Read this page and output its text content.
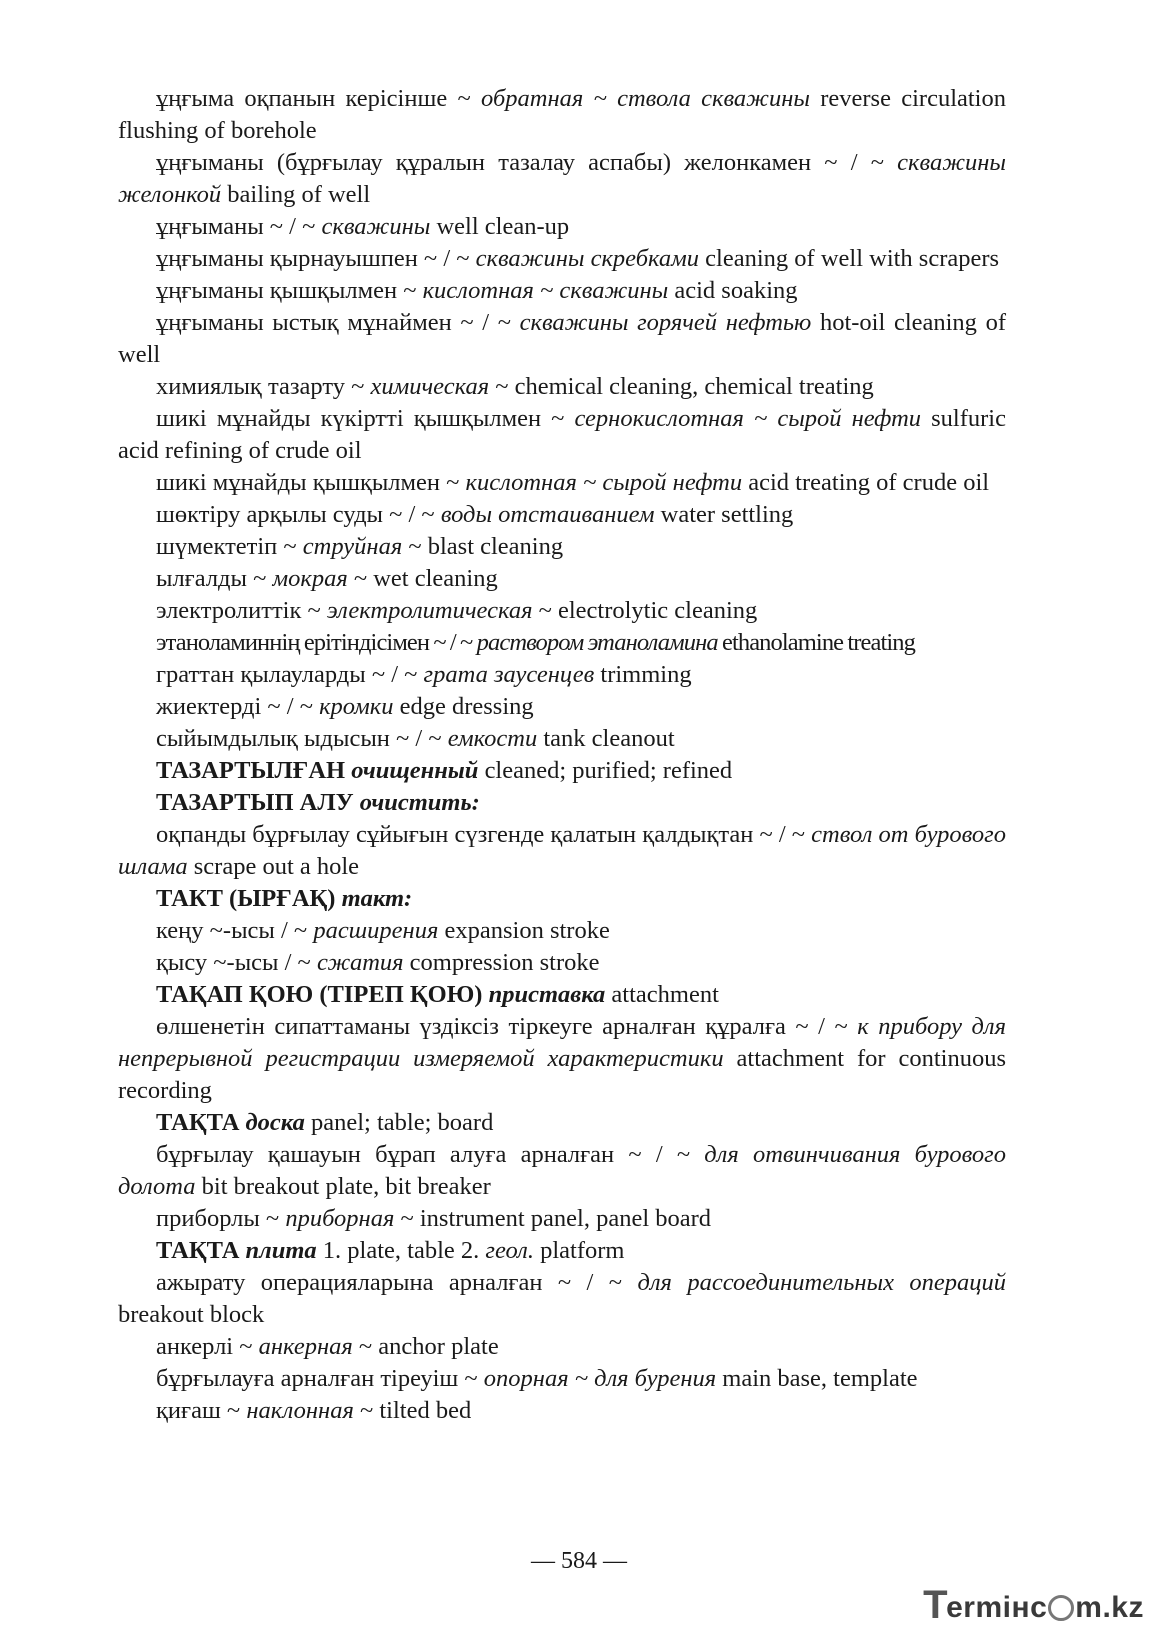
ұңғыма оқпанын керісінше ~ обратная ~ ствола скважины reverse circulation flushing of borehole

ұңғыманы (бұрғылау құралын тазалау аспабы) желонкамен ~ / ~ скважины желонкой bailing of well

ұңғыманы ~ / ~ скважины well clean-up

ұңғыманы қырнауышпен ~ / ~ скважины скребками cleaning of well with scrapers

ұңғыманы қышқылмен ~ кислотная ~ скважины acid soaking

ұңғыманы ыстық мұнаймен ~ / ~ скважины горячей нефтью hot-oil cleaning of well

химиялық тазарту ~ химическая ~ chemical cleaning, chemical treating

шикі мұнайды күкіртті қышқылмен ~ сернокислотная ~ сырой нефти sulfuric acid refining of crude oil

шикі мұнайды қышқылмен ~ кислотная ~ сырой нефти acid treating of crude oil

шөктіру арқылы суды ~ / ~ воды отстаиванием water settling

шүмектетіп ~ струйная ~ blast cleaning

ылғалды ~ мокрая ~ wet cleaning

электролиттік ~ электролитическая ~ electrolytic cleaning

этаноламиннің ерітіндісімен ~ / ~ раствором этаноламина ethanolamine treating

граттан қылауларды ~ / ~ грата заусенцев trimming

жиектерді ~ / ~ кромки edge dressing

сыйымдылық ыдысын ~ / ~ емкости tank cleanout

ТАЗАРТЫЛҒАН очищенный cleaned; purified; refined

ТАЗАРТЫП АЛУ очистить:

оқпанды бұрғылау сұйығын сүзгенде қалатын қалдықтан ~ / ~ ствол от бурового шлама scrape out a hole

ТАКТ (ЫРҒАҚ) такт:

кеңу ~-ысы / ~ расширения expansion stroke

қысу ~-ысы / ~ сжатия compression stroke

ТАҚАП ҚОЮ (ТІРЕП ҚОЮ) приставка attachment

өлшенетін сипаттаманы үздіксіз тіркеуге арналған құралға ~ / ~ к прибору для непрерывной регистрации измеряемой характеристики attachment for continuous recording

ТАҚТА доска panel; table; board

бұрғылау қашауын бұрап алуға арналған ~ / ~ для отвинчивания бурового долота bit breakout plate, bit breaker

приборлы ~ приборная ~ instrument panel, panel board

ТАҚТА плита 1. plate, table 2. геол. platform

ажырату операцияларына арналған ~ / ~ для рассоединительных операций breakout block

анкерлі ~ анкерная ~ anchor plate

бұрғылауға арналған тіреуіш ~ опорная ~ для бурения main base, template

қиғаш ~ наклонная ~ tilted bed

— 584 —
T
ermінc m.kz
